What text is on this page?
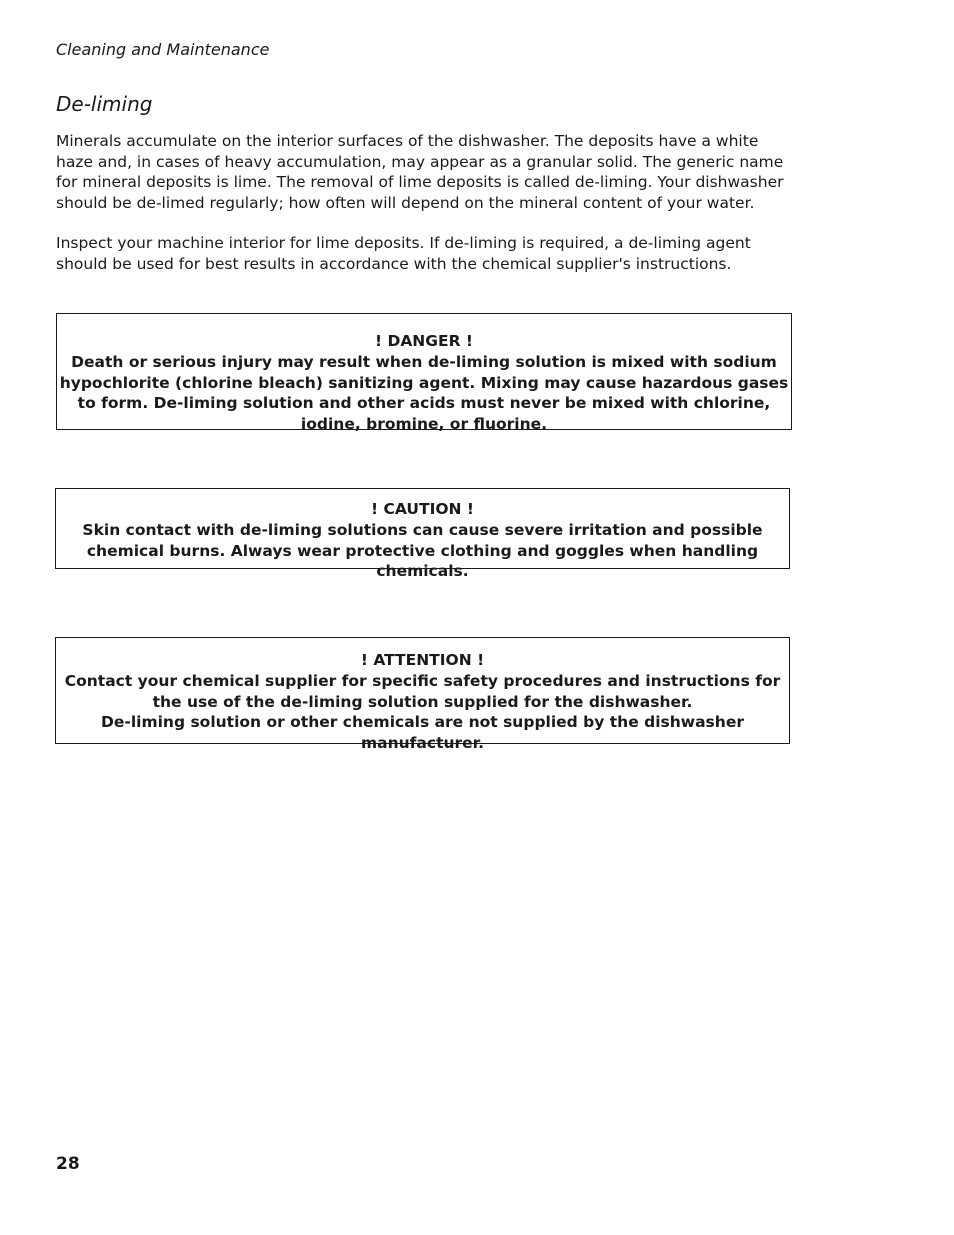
Cleaning and Maintenance
De-liming

Minerals accumulate on the interior surfaces of the dishwasher. The deposits have a white haze and, in cases of heavy accumulation, may appear as a granular solid. The generic name for mineral deposits is lime. The removal of lime deposits is called de-liming. Your dishwasher should be de-limed regularly; how often will depend on the mineral content of your water.

Inspect your machine interior for lime deposits. If de-liming is required, a de-liming agent should be used for best results in accordance with the chemical supplier's instructions.

! DANGER !
Death or serious injury may result when de-liming solution is mixed with sodium hypochlorite (chlorine bleach) sanitizing agent. Mixing may cause hazardous gases to form. De-liming solution and other acids must never be mixed with chlorine, iodine, bromine, or fluorine.
! CAUTION !
Skin contact with de-liming solutions can cause severe irritation and possible chemical burns. Always wear protective clothing and goggles when handling chemicals.
! ATTENTION !
Contact your chemical supplier for specific safety procedures and instructions for the use of the de-liming solution supplied for the dishwasher.
De-liming solution or other chemicals are not supplied by the dishwasher manufacturer.
28
